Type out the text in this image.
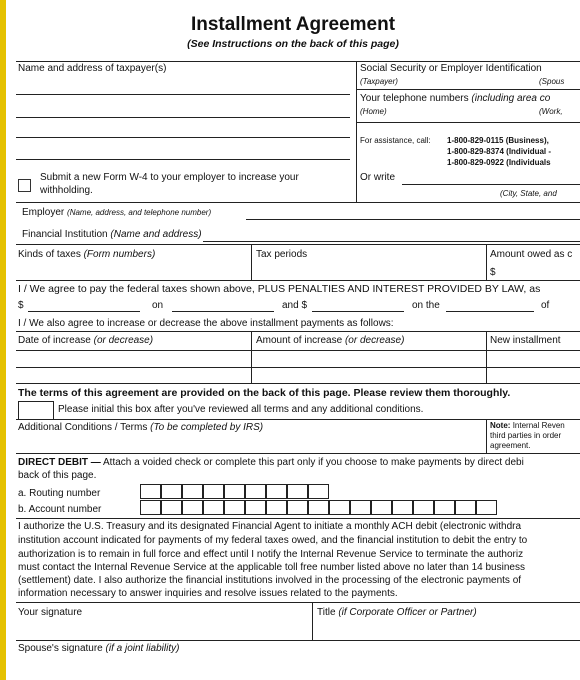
Installment Agreement
(See Instructions on the back of this page)
Name and address of taxpayer(s)
Submit a new Form W-4 to your employer to increase your
withholding.
Social Security or Employer Identification
(Taxpayer)	(Spous
Your telephone numbers (including area co
(Home)	(Work,
For assistance, call: 1-800-829-0115 (Business),
1-800-829-8374 (Individual -
1-800-829-0922 (Individuals
Or write
(City, State, and
Employer (Name, address, and telephone number)
Financial Institution (Name and address)
Kinds of taxes (Form numbers)	Tax periods	Amount owed as c
$
I / We agree to pay the federal taxes shown above, PLUS PENALTIES AND INTEREST PROVIDED BY LAW, as
$	on	and $	on the	of
I / We also agree to increase or decrease the above installment payments as follows:
Date of increase (or decrease)	Amount of increase (or decrease)	New installment
The terms of this agreement are provided on the back of this page. Please review them thoroughly.
Please initial this box after you've reviewed all terms and any additional conditions.
Additional Conditions / Terms (To be completed by IRS)	Note: Internal Reven
third parties in order
agreement.
DIRECT DEBIT — Attach a voided check or complete this part only if you choose to make payments by direct debi
back of this page.
a. Routing number
b. Account number
I authorize the U.S. Treasury and its designated Financial Agent to initiate a monthly ACH debit (electronic withdra
institution account indicated for payments of my federal taxes owed, and the financial institution to debit the entry to
authorization is to remain in full force and effect until I notify the Internal Revenue Service to terminate the authoriz
must contact the Internal Revenue Service at the applicable toll free number listed above no later than 14 business
(settlement) date. I also authorize the financial institutions involved in the processing of the electronic payments of
information necessary to answer inquiries and resolve issues related to the payments.
Your signature	Title (if Corporate Officer or Partner)
Spouse's signature (if a joint liability)
